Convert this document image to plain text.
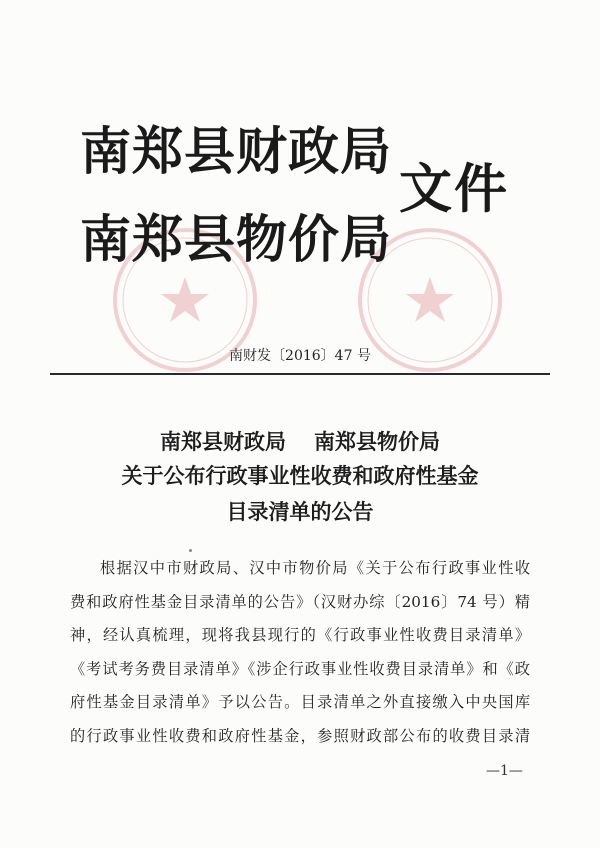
南郑县财政局
南郑县物价局
文件
南财发〔2016〕47 号
南郑县财政局 南郑县物价局
关于公布行政事业性收费和政府性基金
目录清单的公告
根据汉中市财政局、汉中市物价局《关于公布行政事业性收
费和政府性基金目录清单的公告》（汉财办综〔2016〕74 号）精
神，经认真梳理，现将我县现行的《行政事业性收费目录清单》
《考试考务费目录清单》《涉企行政事业性收费目录清单》和《政
府性基金目录清单》予以公告。目录清单之外直接缴入中央国库
的行政事业性收费和政府性基金，参照财政部公布的收费目录清
—1—
